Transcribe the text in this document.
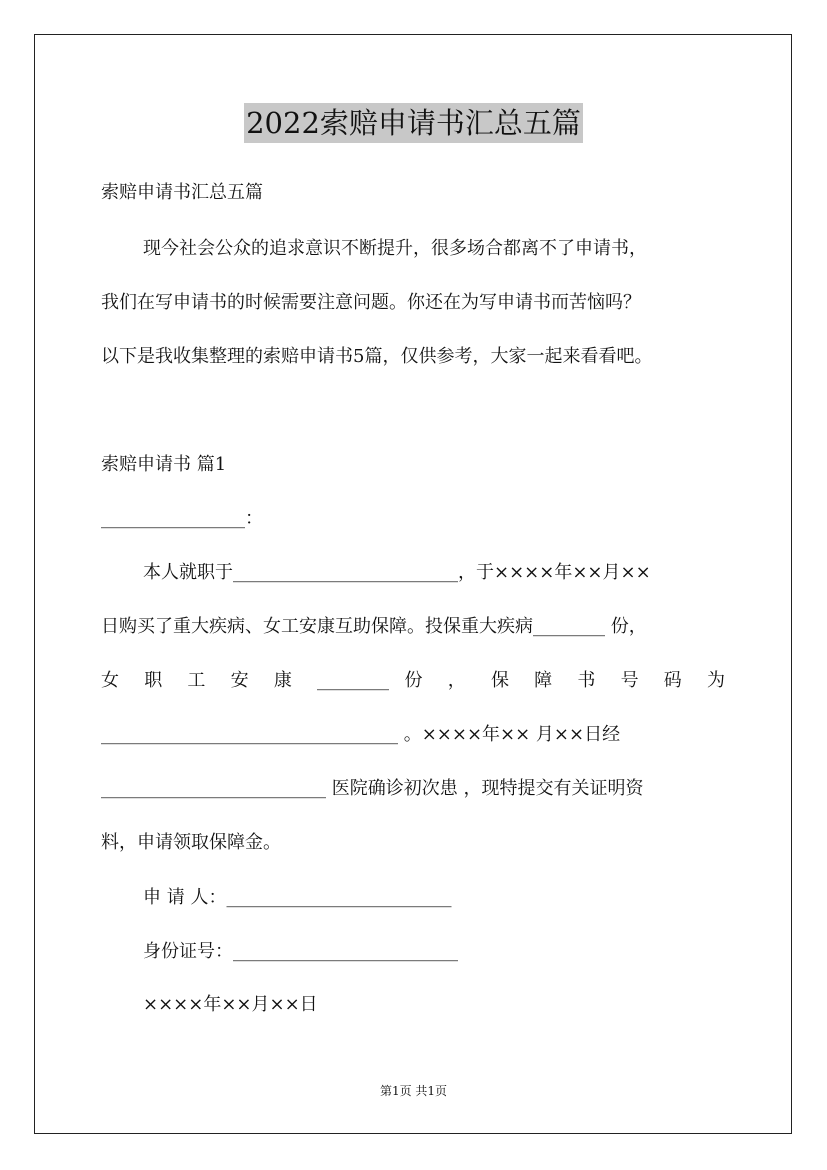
2022索赔申请书汇总五篇

索赔申请书汇总五篇

现今社会公众的追求意识不断提升，很多场合都离不了申请书，

我们在写申请书的时候需要注意问题。你还在为写申请书而苦恼吗？

以下是我收集整理的索赔申请书5篇，仅供参考，大家一起来看看吧。

索赔申请书 篇1

________________：

本人就职于_________________________，于××××年××月××

日购买了重大疾病、女工安康互助保障。投保重大疾病________ 份，

女 职 工 安 康 ________ 份 ， 保 障 书 号 码 为

_________________________________ 。××××年×× 月××日经

_________________________ 医院确诊初次患 ，现特提交有关证明资

料，申请领取保障金。

申 请 人：_________________________

身份证号：_________________________

××××年××月××日

第1页 共1页
